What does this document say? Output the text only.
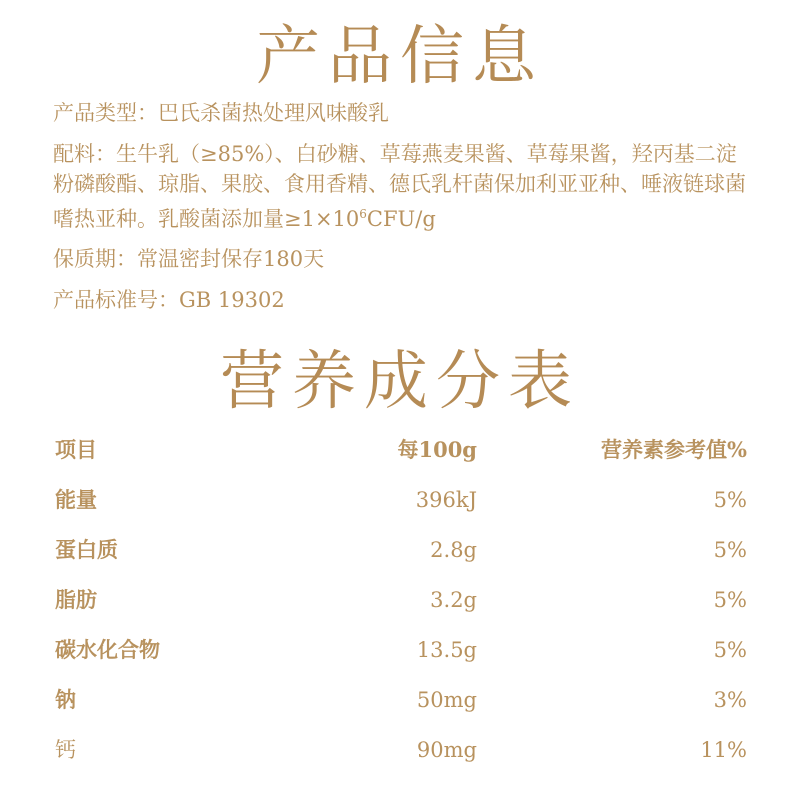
产品信息
产品类型：巴氏杀菌热处理风味酸乳
配料：生牛乳（≥85%）、白砂糖、草莓燕麦果酱、草莓果酱，羟丙基二淀粉磷酸酯、琼脂、果胶、食用香精、德氏乳杆菌保加利亚亚种、唾液链球菌嗜热亚种。乳酸菌添加量$\ge 1\times 10^6CFU/g$
保质期：常温密封保存180天
产品标准号：GB 19302
营养成分表
项目	每100g	营养素参考值%
能量	396kJ	5%
蛋白质	2.8g	5%
脂肪	3.2g	5%
碳水化合物	13.5g	5%
钠	50mg	3%
钙	90mg	11%
